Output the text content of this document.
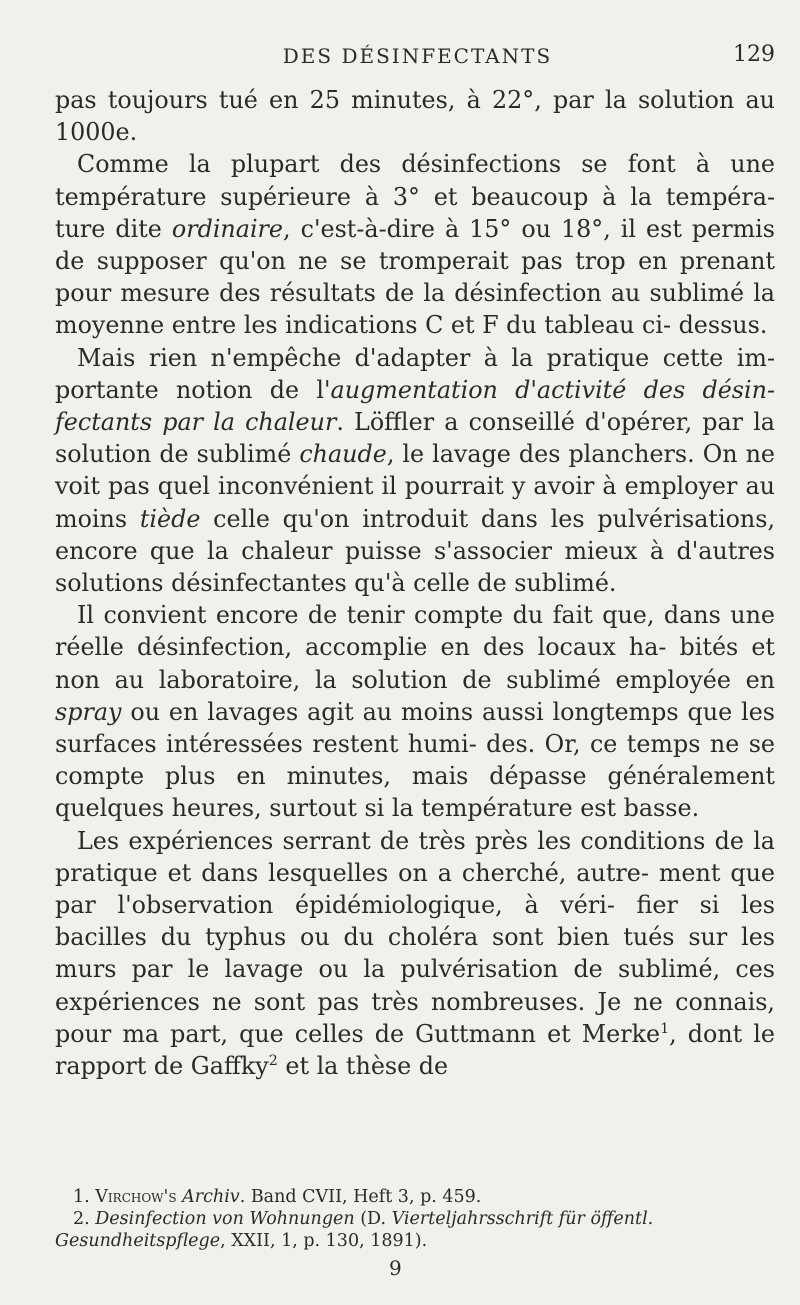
DES DÉSINFECTANTS	129

pas toujours tué en 25 minutes, à 22°, par la solution au 1000e.

Comme la plupart des désinfections se font à une température supérieure à 3° et beaucoup à la tempéra- ture dite ordinaire, c'est-à-dire à 15° ou 18°, il est permis de supposer qu'on ne se tromperait pas trop en prenant pour mesure des résultats de la désinfection au sublimé la moyenne entre les indications C et F du tableau ci- dessus.

Mais rien n'empêche d'adapter à la pratique cette im- portante notion de l'augmentation d'activité des désin- fectants par la chaleur. Löffler a conseillé d'opérer, par la solution de sublimé chaude, le lavage des planchers. On ne voit pas quel inconvénient il pourrait y avoir à employer au moins tiède celle qu'on introduit dans les pulvérisations, encore que la chaleur puisse s'associer mieux à d'autres solutions désinfectantes qu'à celle de sublimé.

Il convient encore de tenir compte du fait que, dans une réelle désinfection, accomplie en des locaux ha- bités et non au laboratoire, la solution de sublimé employée en spray ou en lavages agit au moins aussi longtemps que les surfaces intéressées restent humi- des. Or, ce temps ne se compte plus en minutes, mais dépasse généralement quelques heures, surtout si la température est basse.

Les expériences serrant de très près les conditions de la pratique et dans lesquelles on a cherché, autre- ment que par l'observation épidémiologique, à véri- fier si les bacilles du typhus ou du choléra sont bien tués sur les murs par le lavage ou la pulvérisation de sublimé, ces expériences ne sont pas très nombreuses. Je ne connais, pour ma part, que celles de Guttmann et Merke$^1$, dont le rapport de Gaffky$^2$ et la thèse de

1. Virchow's Archiv. Band CVII, Heft 3, p. 459.

2. Desinfection von Wohnungen (D. Vierteljahrsschrift für öffentl. Gesundheitspflege, XXII, 1, p. 130, 1891).

9
